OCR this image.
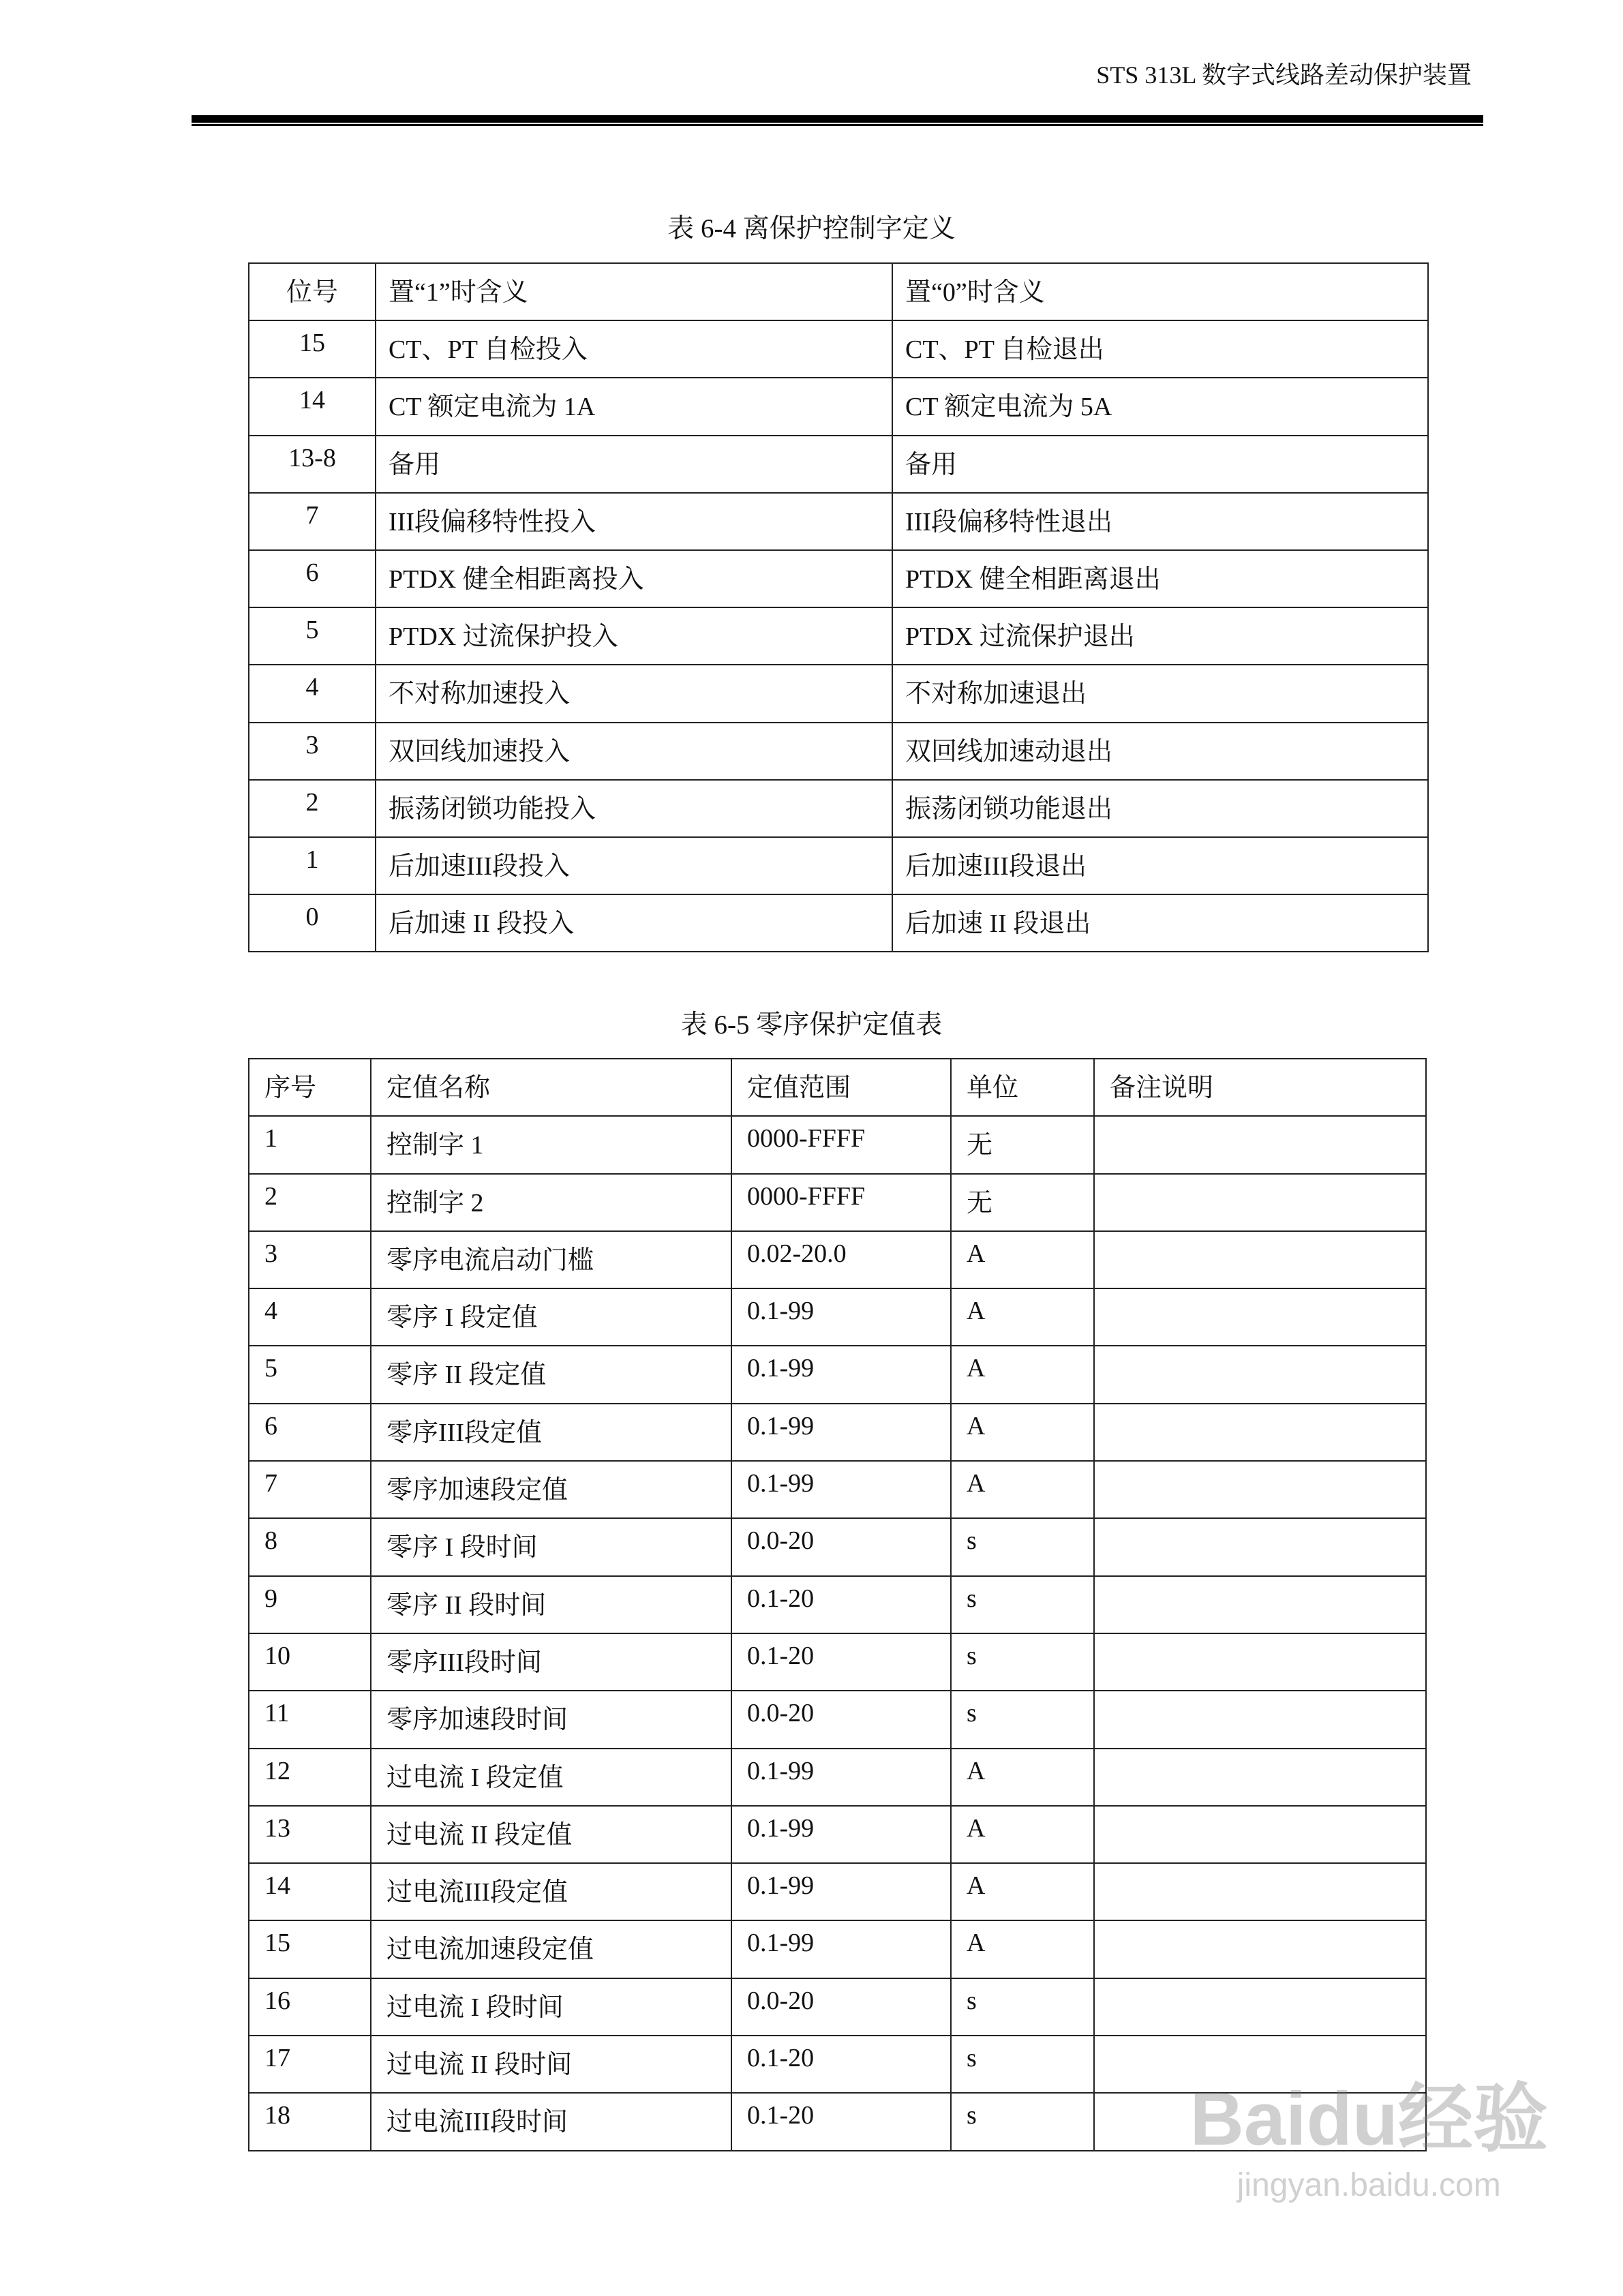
STS 313L 数字式线路差动保护装置
表 6-4 离保护控制字定义
位号	置“1”时含义	置“0”时含义
15	CT、PT 自检投入	CT、PT 自检退出
14	CT 额定电流为 1A	CT 额定电流为 5A
13-8	备用	备用
7	III段偏移特性投入	III段偏移特性退出
6	PTDX 健全相距离投入	PTDX 健全相距离退出
5	PTDX 过流保护投入	PTDX 过流保护退出
4	不对称加速投入	不对称加速退出
3	双回线加速投入	双回线加速动退出
2	振荡闭锁功能投入	振荡闭锁功能退出
1	后加速III段投入	后加速III段退出
0	后加速 II 段投入	后加速 II 段退出
表 6-5 零序保护定值表
序号	定值名称	定值范围	单位	备注说明
1	控制字 1	0000-FFFF	无	
2	控制字 2	0000-FFFF	无	
3	零序电流启动门槛	0.02-20.0	A	
4	零序 I 段定值	0.1-99	A	
5	零序 II 段定值	0.1-99	A	
6	零序III段定值	0.1-99	A	
7	零序加速段定值	0.1-99	A	
8	零序 I 段时间	0.0-20	s	
9	零序 II 段时间	0.1-20	s	
10	零序III段时间	0.1-20	s	
11	零序加速段时间	0.0-20	s	
12	过电流 I 段定值	0.1-99	A	
13	过电流 II 段定值	0.1-99	A	
14	过电流III段定值	0.1-99	A	
15	过电流加速段定值	0.1-99	A	
16	过电流 I 段时间	0.0-20	s	
17	过电流 II 段时间	0.1-20	s	
18	过电流III段时间	0.1-20	s		Baidu经验
jingyan.baidu.com
